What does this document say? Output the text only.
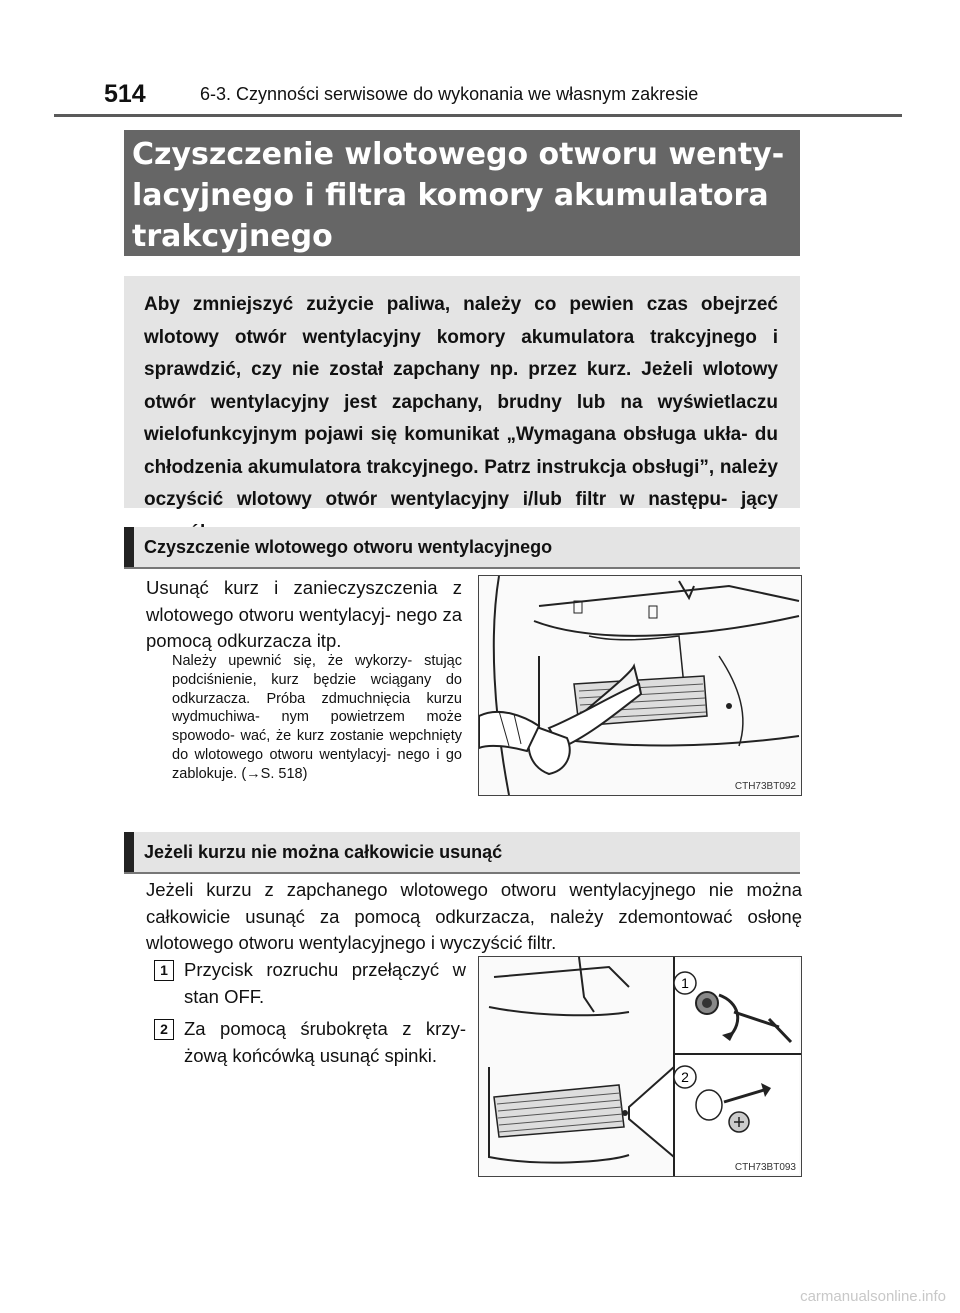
514	6-3. Czynności serwisowe do wykonania we własnym zakresie
Czyszczenie wlotowego otworu wenty-
lacyjnego i filtra komory akumulatora
trakcyjnego
Aby zmniejszyć zużycie paliwa, należy co pewien czas obejrzeć wlotowy otwór wentylacyjny komory akumulatora trakcyjnego i sprawdzić, czy nie został zapchany np. przez kurz. Jeżeli wlotowy otwór wentylacyjny jest zapchany, brudny lub na wyświetlaczu wielofunkcyjnym pojawi się komunikat „Wymagana obsługa ukła- du chłodzenia akumulatora trakcyjnego. Patrz instrukcja obsługi”, należy oczyścić wlotowy otwór wentylacyjny i/lub filtr w następu- jący
Czyszczenie wlotowego otworu wentylacyjnego
Usunąć kurz i zanieczyszczenia z wlotowego otworu wentylacyj- nego za pomocą odkurzacza itp.
Należy upewnić się, że wykorzy- stując podciśnienie, kurz będzie wciągany do odkurzacza. Próba zdmuchnięcia kurzu wydmuchiwa- nym powietrzem może spowodo- wać, że kurz zostanie wepchnięty do wlotowego otworu wentylacyj- nego i go zablokuje. (→S. 518)
CTH73BT092
Jeżeli kurzu nie można całkowicie usunąć
Jeżeli kurzu z zapchanego wlotowego otworu wentylacyjnego nie można całkowicie usunąć za pomocą odkurzacza, należy zdemontować osłonę wlotowego otworu wentylacyjnego i wyczyścić filtr.
1 Przycisk rozruchu przełączyć w stan OFF.
2 Za pomocą śrubokręta z krzy- żową końcówką usunąć spinki.
1
2
CTH73BT093
carmanualsonline.info
